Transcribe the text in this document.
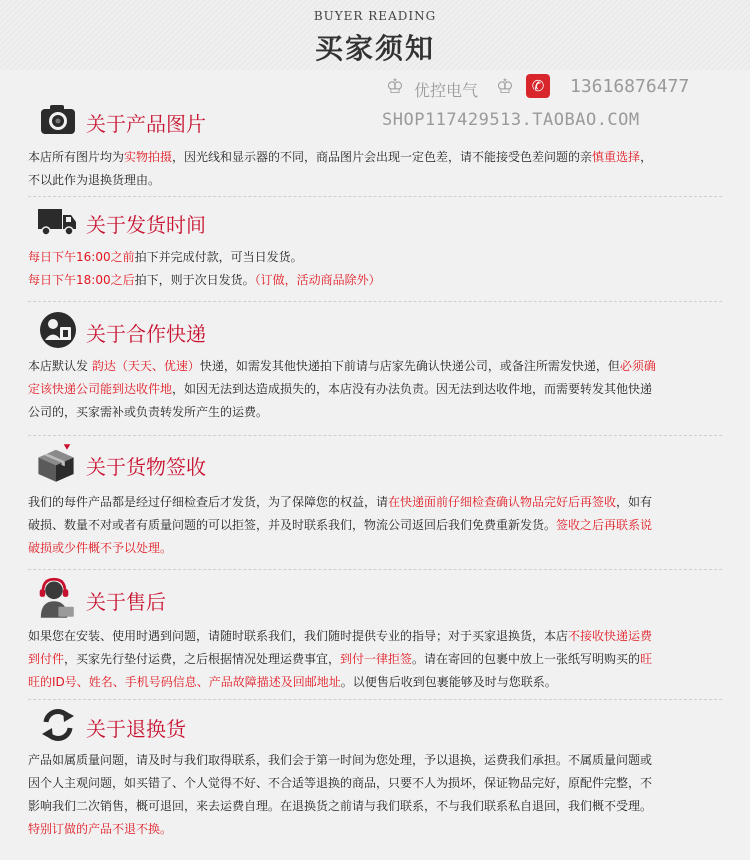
BUYER READING
买家须知
♔ 优控电气 ♔	✆	13616876477
SHOP117429513.TAOBAO.COM
关于产品图片

本店所有图片均为实物拍摄，因光线和显示器的不同，商品图片会出现一定色差，请不能接受色差问题的亲慎重选择，

不以此作为退换货理由。

关于发货时间

每日下午16:00之前拍下并完成付款，可当日发货。

每日下午18:00之后拍下，则于次日发货。（订做，活动商品除外）

关于合作快递

本店默认发 韵达（天天、优速）快递，如需发其他快递拍下前请与店家先确认快递公司，或备注所需发快递，但必须确

定该快递公司能到达收件地，如因无法到达造成损失的，本店没有办法负责。因无法到达收件地，而需要转发其他快递

公司的，买家需补或负责转发所产生的运费。

关于货物签收

我们的每件产品都是经过仔细检查后才发货，为了保障您的权益，请在快递面前仔细检查确认物品完好后再签收，如有

破损、数量不对或者有质量问题的可以拒签，并及时联系我们，物流公司返回后我们免费重新发货。签收之后再联系说

破损或少件概不予以处理。

关于售后

如果您在安装、使用时遇到问题，请随时联系我们，我们随时提供专业的指导；对于买家退换货，本店不接收快递运费

到付件，买家先行垫付运费，之后根据情况处理运费事宜，到付一律拒签。请在寄回的包裹中放上一张纸写明购买的旺

旺的ID号、姓名、手机号码信息、产品故障描述及回邮地址。以便售后收到包裹能够及时与您联系。

关于退换货

产品如属质量问题，请及时与我们取得联系，我们会于第一时间为您处理，予以退换，运费我们承担。不属质量问题或

因个人主观问题，如买错了、个人觉得不好、不合适等退换的商品，只要不人为损坏，保证物品完好，原配件完整，不

影响我们二次销售，概可退回，来去运费自理。在退换货之前请与我们联系，不与我们联系私自退回，我们概不受理。

特别订做的产品不退不换。
